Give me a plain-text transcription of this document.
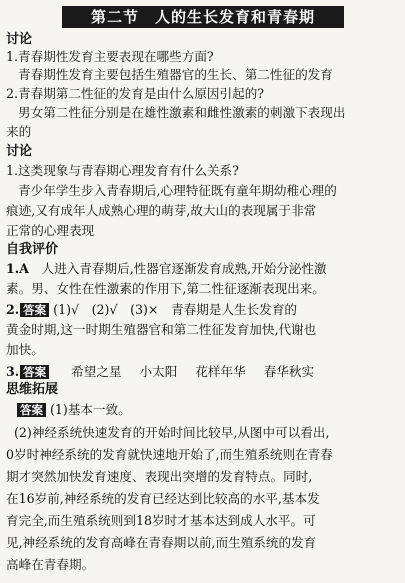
第二节　人的生长发育和青春期
讨论
1.青春期性发育主要表现在哪些方面?
青春期性发育主要包括生殖器官的生长、第二性征的发育
2.青春期第二性征的发育是由什么原因引起的?
男女第二性征分别是在雄性激素和雌性激素的刺激下表现出
来的
讨论
1.这类现象与青春期心理发育有什么关系?
青少年学生步入青春期后,心理特征既有童年期幼稚心理的
痕迹,又有成年人成熟心理的萌芽,故大山的表现属于非常
正常的心理表现
自我评价
1.A　 人进入青春期后,性器官逐渐发育成熟,开始分泌性激
素。男、女性在性激素的作用下,第二性征逐渐表现出来。
2. 答案 (1)√　(2)√　(3)×　 青春期是人生长发育的
黄金时期,这一时期生殖器官和第二性征发育加快,代谢也
加快。
3. 答案 希望之星 小太阳 花样年华 春华秋实
思维拓展
答案 (1)基本一致。
(2)神经系统快速发育的开始时间比较早,从图中可以看出,
0岁时神经系统的发育就快速地开始了,而生殖系统则在青春
期才突然加快发育速度、表现出突增的发育特点。同时,
在16岁前,神经系统的发育已经达到比较高的水平,基本发
育完全,而生殖系统则到18岁时才基本达到成人水平。可
见,神经系统的发育高峰在青春期以前,而生殖系统的发育
高峰在青春期。
